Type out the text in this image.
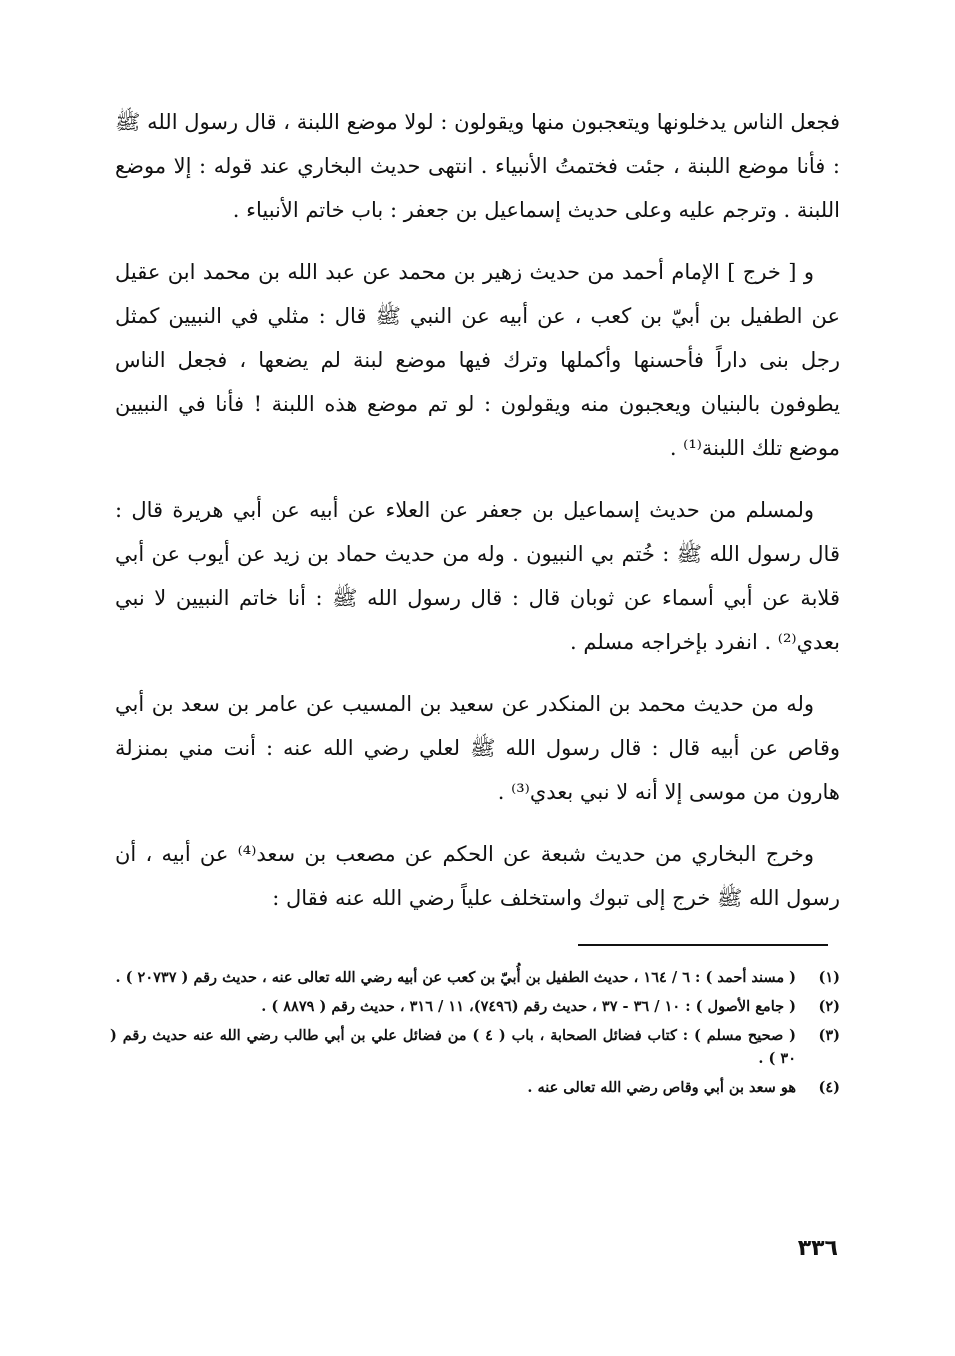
فجعل الناس يدخلونها ويتعجبون منها ويقولون : لولا موضع اللبنة ، قال رسول الله ﷺ : فأنا موضع اللبنة ، جئت فختمتُ الأنبياء . انتهى حديث البخاري عند قوله : إلا موضع اللبنة . وترجم عليه وعلى حديث إسماعيل بن جعفر : باب خاتم الأنبياء .

و [ خرج ] الإمام أحمد من حديث زهير بن محمد عن عبد الله بن محمد ابن عقيل عن الطفيل بن أبيّ بن كعب ، عن أبيه عن النبي ﷺ قال : مثلي في النبيين كمثل رجل بنى داراً فأحسنها وأكملها وترك فيها موضع لبنة لم يضعها ، فجعل الناس يطوفون بالبنيان ويعجبون منه ويقولون : لو تم موضع هذه اللبنة ! فأنا في النبيين موضع تلك اللبنة⁽¹⁾ .

ولمسلم من حديث إسماعيل بن جعفر عن العلاء عن أبيه عن أبي هريرة قال : قال رسول الله ﷺ : خُتم بي النبيون . وله من حديث حماد بن زيد عن أيوب عن أبي قلابة عن أبي أسماء عن ثوبان قال : قال رسول الله ﷺ : أنا خاتم النبيين لا نبي بعدي⁽²⁾ . انفرد بإخراجه مسلم .

وله من حديث محمد بن المنكدر عن سعيد بن المسيب عن عامر بن سعد بن أبي وقاص عن أبيه قال : قال رسول الله ﷺ لعلي رضي الله عنه : أنت مني بمنزلة هارون من موسى إلا أنه لا نبي بعدي⁽³⁾ .

وخرج البخاري من حديث شبعة عن الحكم عن مصعب بن سعد⁽⁴⁾ عن أبيه ، أن رسول الله ﷺ خرج إلى تبوك واستخلف علياً رضي الله عنه فقال :

(١)
( مسند أحمد ) : ٦ / ١٦٤ ، حديث الطفيل بن أُبيّ بن كعب عن أبيه رضي الله تعالى عنه ، حديث رقم ( ٢٠٧٣٧ ) .
(٢)
( جامع الأصول ) : ١٠ / ٣٦ - ٣٧ ، حديث رقم (٧٤٩٦)، ١١ / ٣١٦ ، حديث رقم ( ٨٨٧٩ ) .
(٣)
( صحيح مسلم ) : كتاب فضائل الصحابة ، باب ( ٤ ) من فضائل علي بن أبي طالب رضي الله عنه حديث رقم ( ٣٠ ) .
(٤)
هو سعد بن أبي وقاص رضي الله تعالى عنه .
٣٣٦
